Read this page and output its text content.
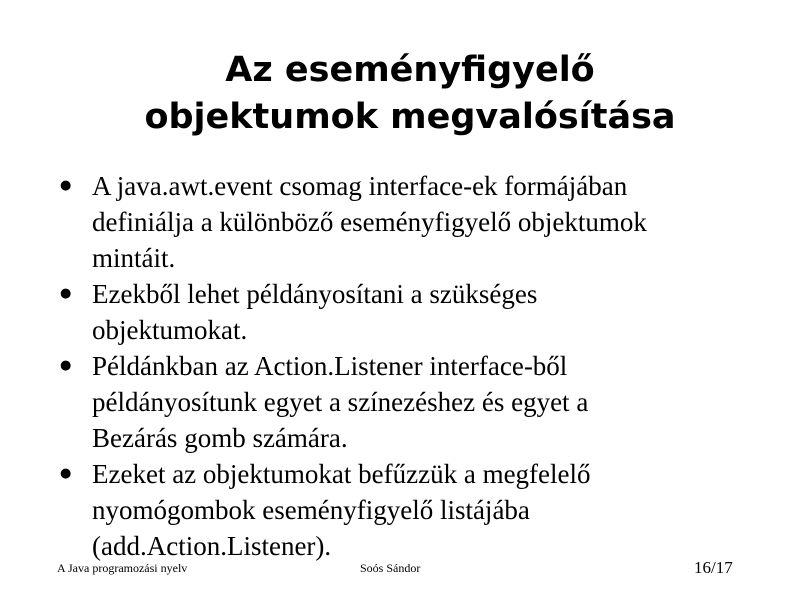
Az eseményfigyelő
objektumok megvalósítása
● A java.awt.event csomag interface-ek formájában
definiálja a különböző eseményfigyelő objektumok
mintáit.
● Ezekből lehet példányosítani a szükséges
objektumokat.
● Példánkban az Action.Listener interface-ből
példányosítunk egyet a színezéshez és egyet a
Bezárás gomb számára.
● Ezeket az objektumokat befűzzük a megfelelő
nyomógombok eseményfigyelő listájába
(add.Action.Listener).
A Java programozási nyelv	Soós Sándor	16/17
